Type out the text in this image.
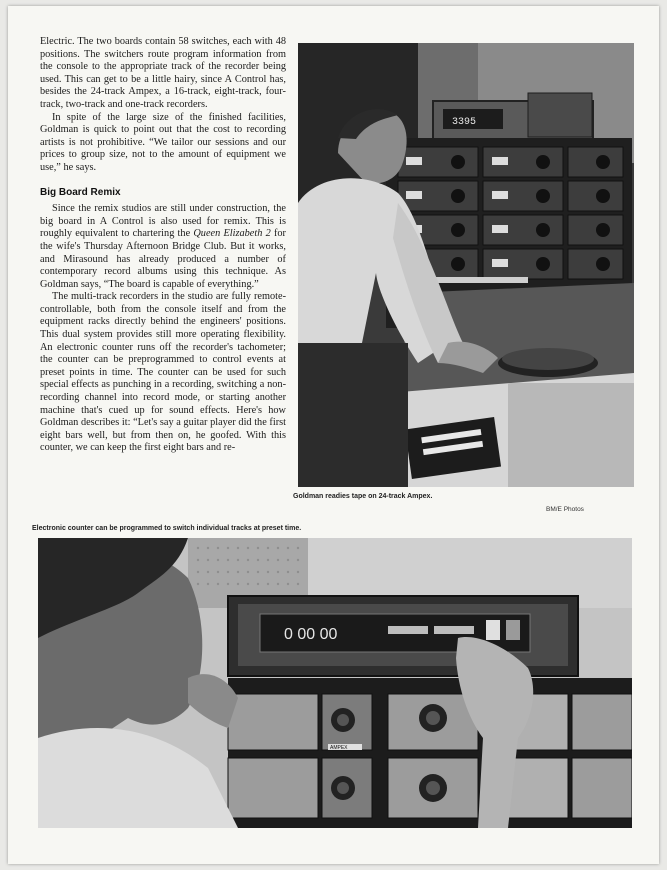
Electric. The two boards contain 58 switches, each with 48 positions. The switchers route program information from the console to the appropriate track of the recorder being used. This can get to be a little hairy, since A Control has, besides the 24-track Ampex, a 16-track, eight-track, four-track, two-track and one-track recorders.

In spite of the large size of the finished facilities, Goldman is quick to point out that the cost to recording artists is not prohibitive. “We tailor our sessions and our prices to group size, not to the amount of equipment we use,” he says.

Big Board Remix

Since the remix studios are still under construction, the big board in A Control is also used for remix. This is roughly equivalent to chartering the Queen Elizabeth 2 for the wife's Thursday Afternoon Bridge Club. But it works, and Mirasound has already produced a number of contemporary record albums using this technique. As Goldman says, “The board is capable of everything.”

The multi-track recorders in the studio are fully remote-controllable, both from the console itself and from the equipment racks directly behind the engineers' positions. This dual system provides still more operating flexibility. An electronic counter runs off the recorder's tachometer; the counter can be preprogrammed to control events at preset points in time. The counter can be used for such special effects as punching in a recording, switching a non-recording channel into record mode, or starting another machine that's cued up for sound effects. Here's how Goldman describes it: “Let's say a guitar player did the first eight bars well, but from then on, he goofed. With this counter, we can keep the first eight bars and re-

3395
Goldman readies tape on 24-track Ampex.
BM/E Photos
Electronic counter can be programmed to switch individual tracks at preset time.
0 00 00
AMPEX
